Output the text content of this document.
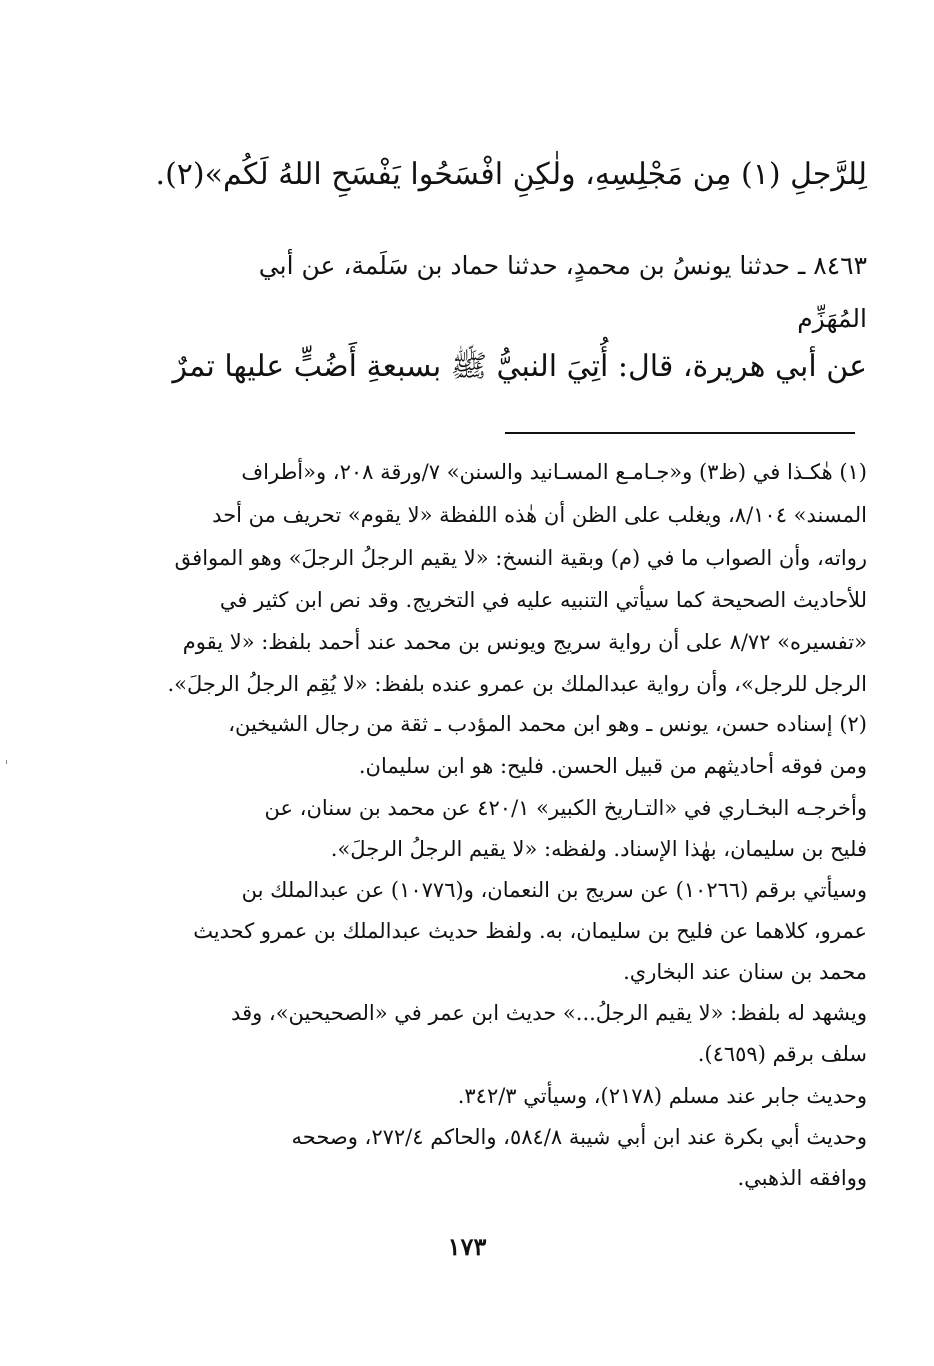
لِلرَّجلِ (١) مِن مَجْلِسِهِ، ولٰكِنِ افْسَحُوا يَفْسَحِ اللهُ لَكُم»(٢).
٨٤٦٣ ـ حدثنا يونسُ بن محمدٍ، حدثنا حماد بن سَلَمة، عن أبي
المُهَزِّم
عن أبي هريرة، قال: أُتِيَ النبيُّ ﷺ بسبعةِ أَضُبٍّ عليها تمرٌ
(١) هٰكـذا في (ظ٣) و«جـامـع المسـانيد والسنن» ٧/ورقة ٢٠٨، و«أطراف
المسند» ٨/١٠٤، ويغلب على الظن أن هٰذه اللفظة «لا يقوم» تحريف من أحد
رواته، وأن الصواب ما في (م) وبقية النسخ: «لا يقيم الرجلُ الرجلَ» وهو الموافق
للأحاديث الصحيحة كما سيأتي التنبيه عليه في التخريج. وقد نص ابن كثير في
«تفسيره» ٨/٧٢ على أن رواية سريج ويونس بن محمد عند أحمد بلفظ: «لا يقوم
الرجل للرجل»، وأن رواية عبدالملك بن عمرو عنده بلفظ: «لا يُقِم الرجلُ الرجلَ».
(٢) إسناده حسن، يونس ـ وهو ابن محمد المؤدب ـ ثقة من رجال الشيخين،
ومن فوقه أحاديثهم من قبيل الحسن. فليح: هو ابن سليمان.
وأخرجـه البخـاري في «التـاريخ الكبير» ٤٢٠/١ عن محمد بن سنان، عن
فليح بن سليمان، بهٰذا الإسناد. ولفظه: «لا يقيم الرجلُ الرجلَ».
وسيأتي برقم (١٠٢٦٦) عن سريج بن النعمان، و(١٠٧٧٦) عن عبدالملك بن
عمرو، كلاهما عن فليح بن سليمان، به. ولفظ حديث عبدالملك بن عمرو كحديث
محمد بن سنان عند البخاري.
ويشهد له بلفظ: «لا يقيم الرجلُ...» حديث ابن عمر في «الصحيحين»، وقد
سلف برقم (٤٦٥٩).
وحديث جابر عند مسلم (٢١٧٨)، وسيأتي ٣٤٢/٣.
وحديث أبي بكرة عند ابن أبي شيبة ٥٨٤/٨، والحاكم ٢٧٢/٤، وصححه
ووافقه الذهبي.
١٧٣
